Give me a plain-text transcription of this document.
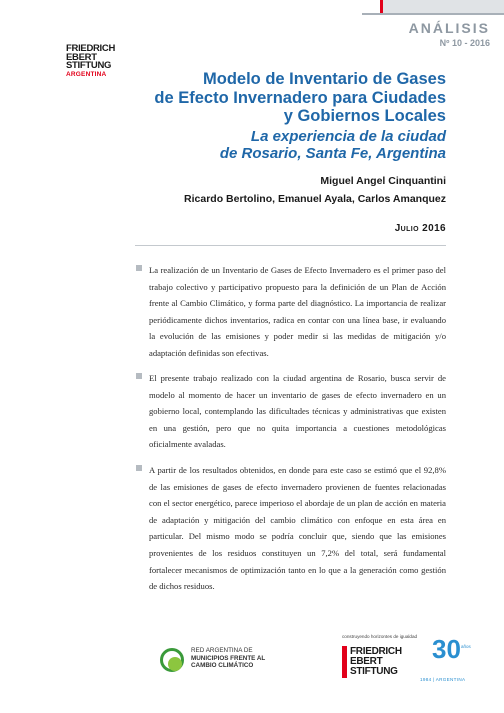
ANÁLISIS
Nº 10 - 2016
FRIEDRICH
EBERT
STIFTUNG
ARGENTINA	Modelo de Inventario de Gases
de Efecto Invernadero para Ciudades
y Gobiernos Locales
La experiencia de la ciudad
de Rosario, Santa Fe, Argentina
Miguel Angel Cinquantini
Ricardo Bertolino, Emanuel Ayala, Carlos Amanquez
Julio 2016

La realización de un Inventario de Gases de Efecto Invernadero es el primer paso del trabajo colectivo y participativo propuesto para la definición de un Plan de Acción frente al Cambio Climático, y forma parte del diagnóstico. La importancia de realizar periódicamente dichos inventarios, radica en contar con una línea base, ir evaluando la evolución de las emisiones y poder medir si las medidas de mitigación y/o adaptación definidas son efectivas.

El presente trabajo realizado con la ciudad argentina de Rosario, busca servir de modelo al momento de hacer un inventario de gases de efecto invernadero en un gobierno local, contemplando las dificultades técnicas y administrativas que existen en una gestión, pero que no quita importancia a cuestiones metodológicas oficialmente avaladas.

A partir de los resultados obtenidos, en donde para este caso se estimó que el 92,8% de las emisiones de gases de efecto invernadero provienen de fuentes relacionadas con el sector energético, parece imperioso el abordaje de un plan de acción en materia de adaptación y mitigación del cambio climático con enfoque en esta área en particular. Del mismo modo se podría concluir que, siendo que las emisiones provenientes de los residuos constituyen un 7,2% del total, será fundamental fortalecer mecanismos de optimización tanto en lo que a la generación como gestión de dichos residuos.

RED ARGENTINA DE
MUNICIPIOS FRENTE AL
CAMBIO CLIMÁTICO
construyendo horizontes de igualdad
FRIEDRICH
EBERT
STIFTUNG
30 años
1984 | ARGENTINA
